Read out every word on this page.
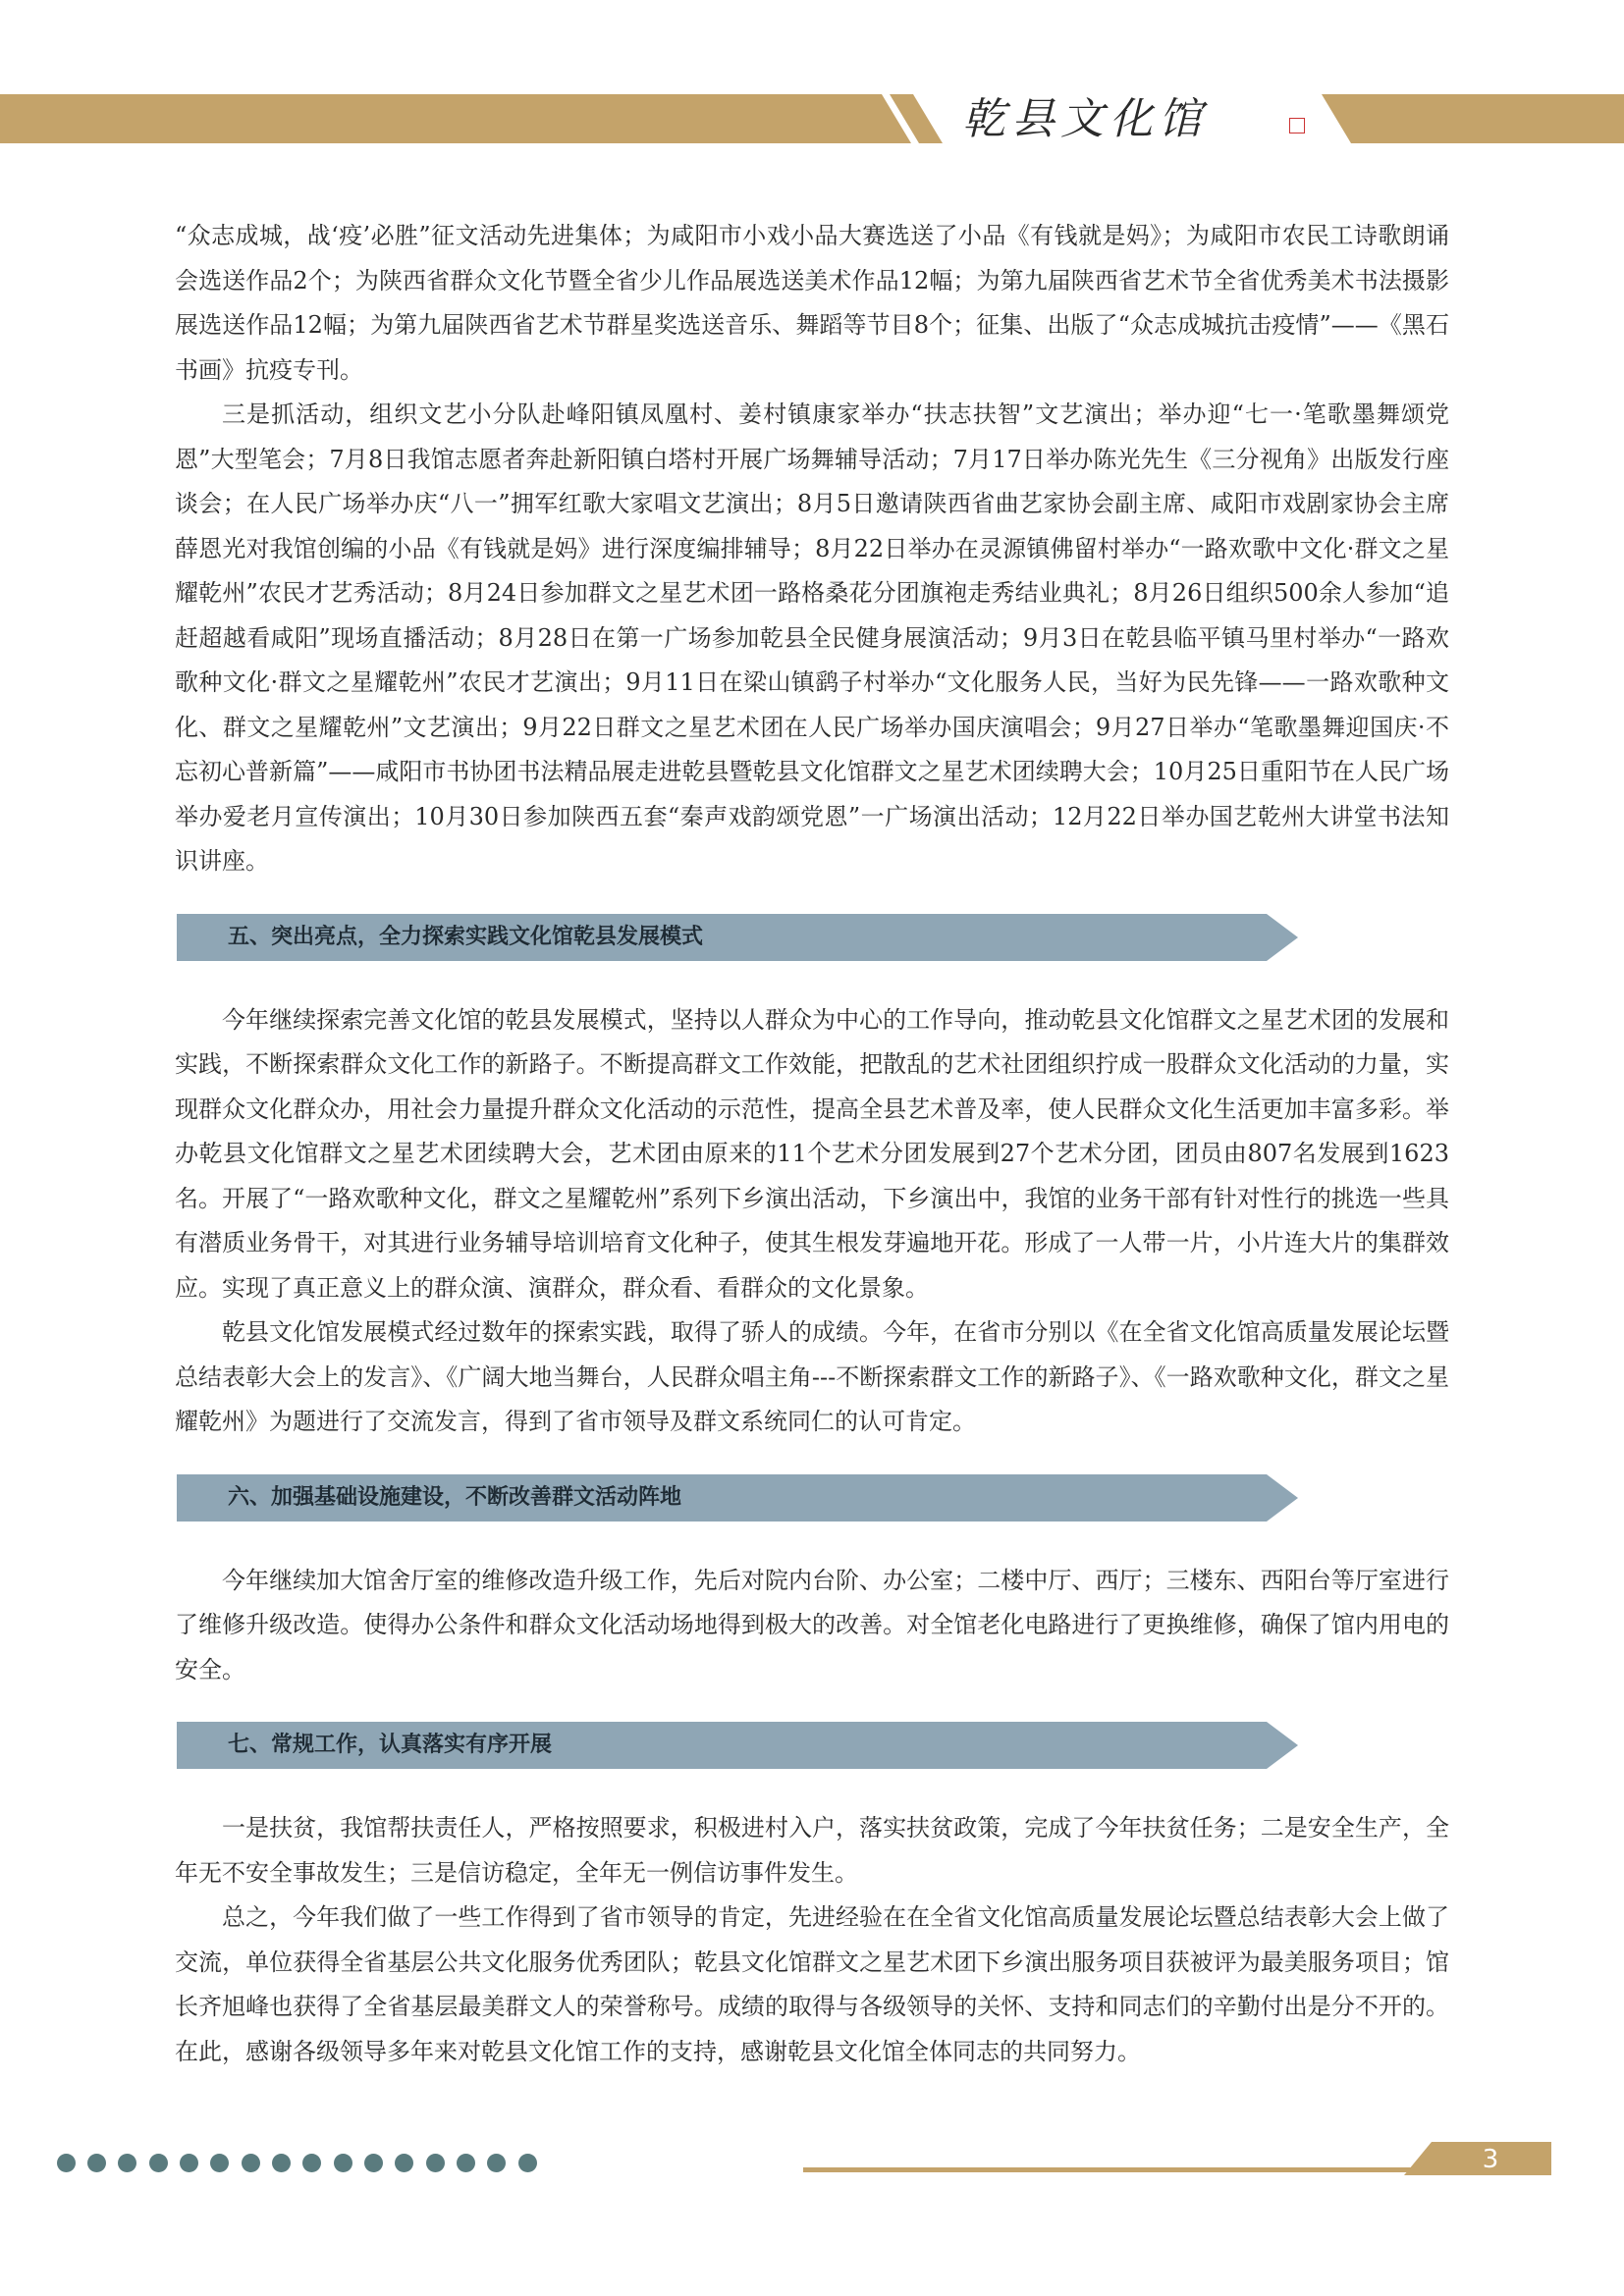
乾县文化馆

“众志成城，战‘疫’必胜”征文活动先进集体；为咸阳市小戏小品大赛选送了小品《有钱就是妈》；为咸阳市农民工诗歌朗诵会选送作品2个；为陕西省群众文化节暨全省少儿作品展选送美术作品12幅；为第九届陕西省艺术节全省优秀美术书法摄影展选送作品12幅；为第九届陕西省艺术节群星奖选送音乐、舞蹈等节目8个；征集、出版了“众志成城抗击疫情”——《黑石书画》抗疫专刊。

三是抓活动，组织文艺小分队赴峰阳镇凤凰村、姜村镇康家举办“扶志扶智”文艺演出；举办迎“七一·笔歌墨舞颂党恩”大型笔会；7月8日我馆志愿者奔赴新阳镇白塔村开展广场舞辅导活动；7月17日举办陈光先生《三分视角》出版发行座谈会；在人民广场举办庆“八一”拥军红歌大家唱文艺演出；8月5日邀请陕西省曲艺家协会副主席、咸阳市戏剧家协会主席薛恩光对我馆创编的小品《有钱就是妈》进行深度编排辅导；8月22日举办在灵源镇佛留村举办“一路欢歌中文化·群文之星耀乾州”农民才艺秀活动；8月24日参加群文之星艺术团一路格桑花分团旗袍走秀结业典礼；8月26日组织500余人参加“追赶超越看咸阳”现场直播活动；8月28日在第一广场参加乾县全民健身展演活动；9月3日在乾县临平镇马里村举办“一路欢歌种文化·群文之星耀乾州”农民才艺演出；9月11日在梁山镇鹞子村举办“文化服务人民，当好为民先锋——一路欢歌种文化、群文之星耀乾州”文艺演出；9月22日群文之星艺术团在人民广场举办国庆演唱会；9月27日举办“笔歌墨舞迎国庆·不忘初心普新篇”——咸阳市书协团书法精品展走进乾县暨乾县文化馆群文之星艺术团续聘大会；10月25日重阳节在人民广场举办爱老月宣传演出；10月30日参加陕西五套“秦声戏韵颂党恩”一广场演出活动；12月22日举办国艺乾州大讲堂书法知识讲座。

五、突出亮点，全力探索实践文化馆乾县发展模式

今年继续探索完善文化馆的乾县发展模式，坚持以人群众为中心的工作导向，推动乾县文化馆群文之星艺术团的发展和实践，不断探索群众文化工作的新路子。不断提高群文工作效能，把散乱的艺术社团组织拧成一股群众文化活动的力量，实现群众文化群众办，用社会力量提升群众文化活动的示范性，提高全县艺术普及率，使人民群众文化生活更加丰富多彩。举办乾县文化馆群文之星艺术团续聘大会，艺术团由原来的11个艺术分团发展到27个艺术分团，团员由807名发展到1623名。开展了“一路欢歌种文化，群文之星耀乾州”系列下乡演出活动，下乡演出中，我馆的业务干部有针对性行的挑选一些具有潜质业务骨干，对其进行业务辅导培训培育文化种子，使其生根发芽遍地开花。形成了一人带一片，小片连大片的集群效应。实现了真正意义上的群众演、演群众，群众看、看群众的文化景象。

乾县文化馆发展模式经过数年的探索实践，取得了骄人的成绩。今年，在省市分别以《在全省文化馆高质量发展论坛暨总结表彰大会上的发言》、《广阔大地当舞台，人民群众唱主角---不断探索群文工作的新路子》、《一路欢歌种文化，群文之星耀乾州》为题进行了交流发言，得到了省市领导及群文系统同仁的认可肯定。

六、加强基础设施建设，不断改善群文活动阵地

今年继续加大馆舍厅室的维修改造升级工作，先后对院内台阶、办公室；二楼中厅、西厅；三楼东、西阳台等厅室进行了维修升级改造。使得办公条件和群众文化活动场地得到极大的改善。对全馆老化电路进行了更换维修，确保了馆内用电的安全。

七、常规工作，认真落实有序开展

一是扶贫，我馆帮扶责任人，严格按照要求，积极进村入户，落实扶贫政策，完成了今年扶贫任务；二是安全生产，全年无不安全事故发生；三是信访稳定，全年无一例信访事件发生。

总之，今年我们做了一些工作得到了省市领导的肯定，先进经验在在全省文化馆高质量发展论坛暨总结表彰大会上做了交流，单位获得全省基层公共文化服务优秀团队；乾县文化馆群文之星艺术团下乡演出服务项目获被评为最美服务项目；馆长齐旭峰也获得了全省基层最美群文人的荣誉称号。成绩的取得与各级领导的关怀、支持和同志们的辛勤付出是分不开的。在此，感谢各级领导多年来对乾县文化馆工作的支持，感谢乾县文化馆全体同志的共同努力。

3
